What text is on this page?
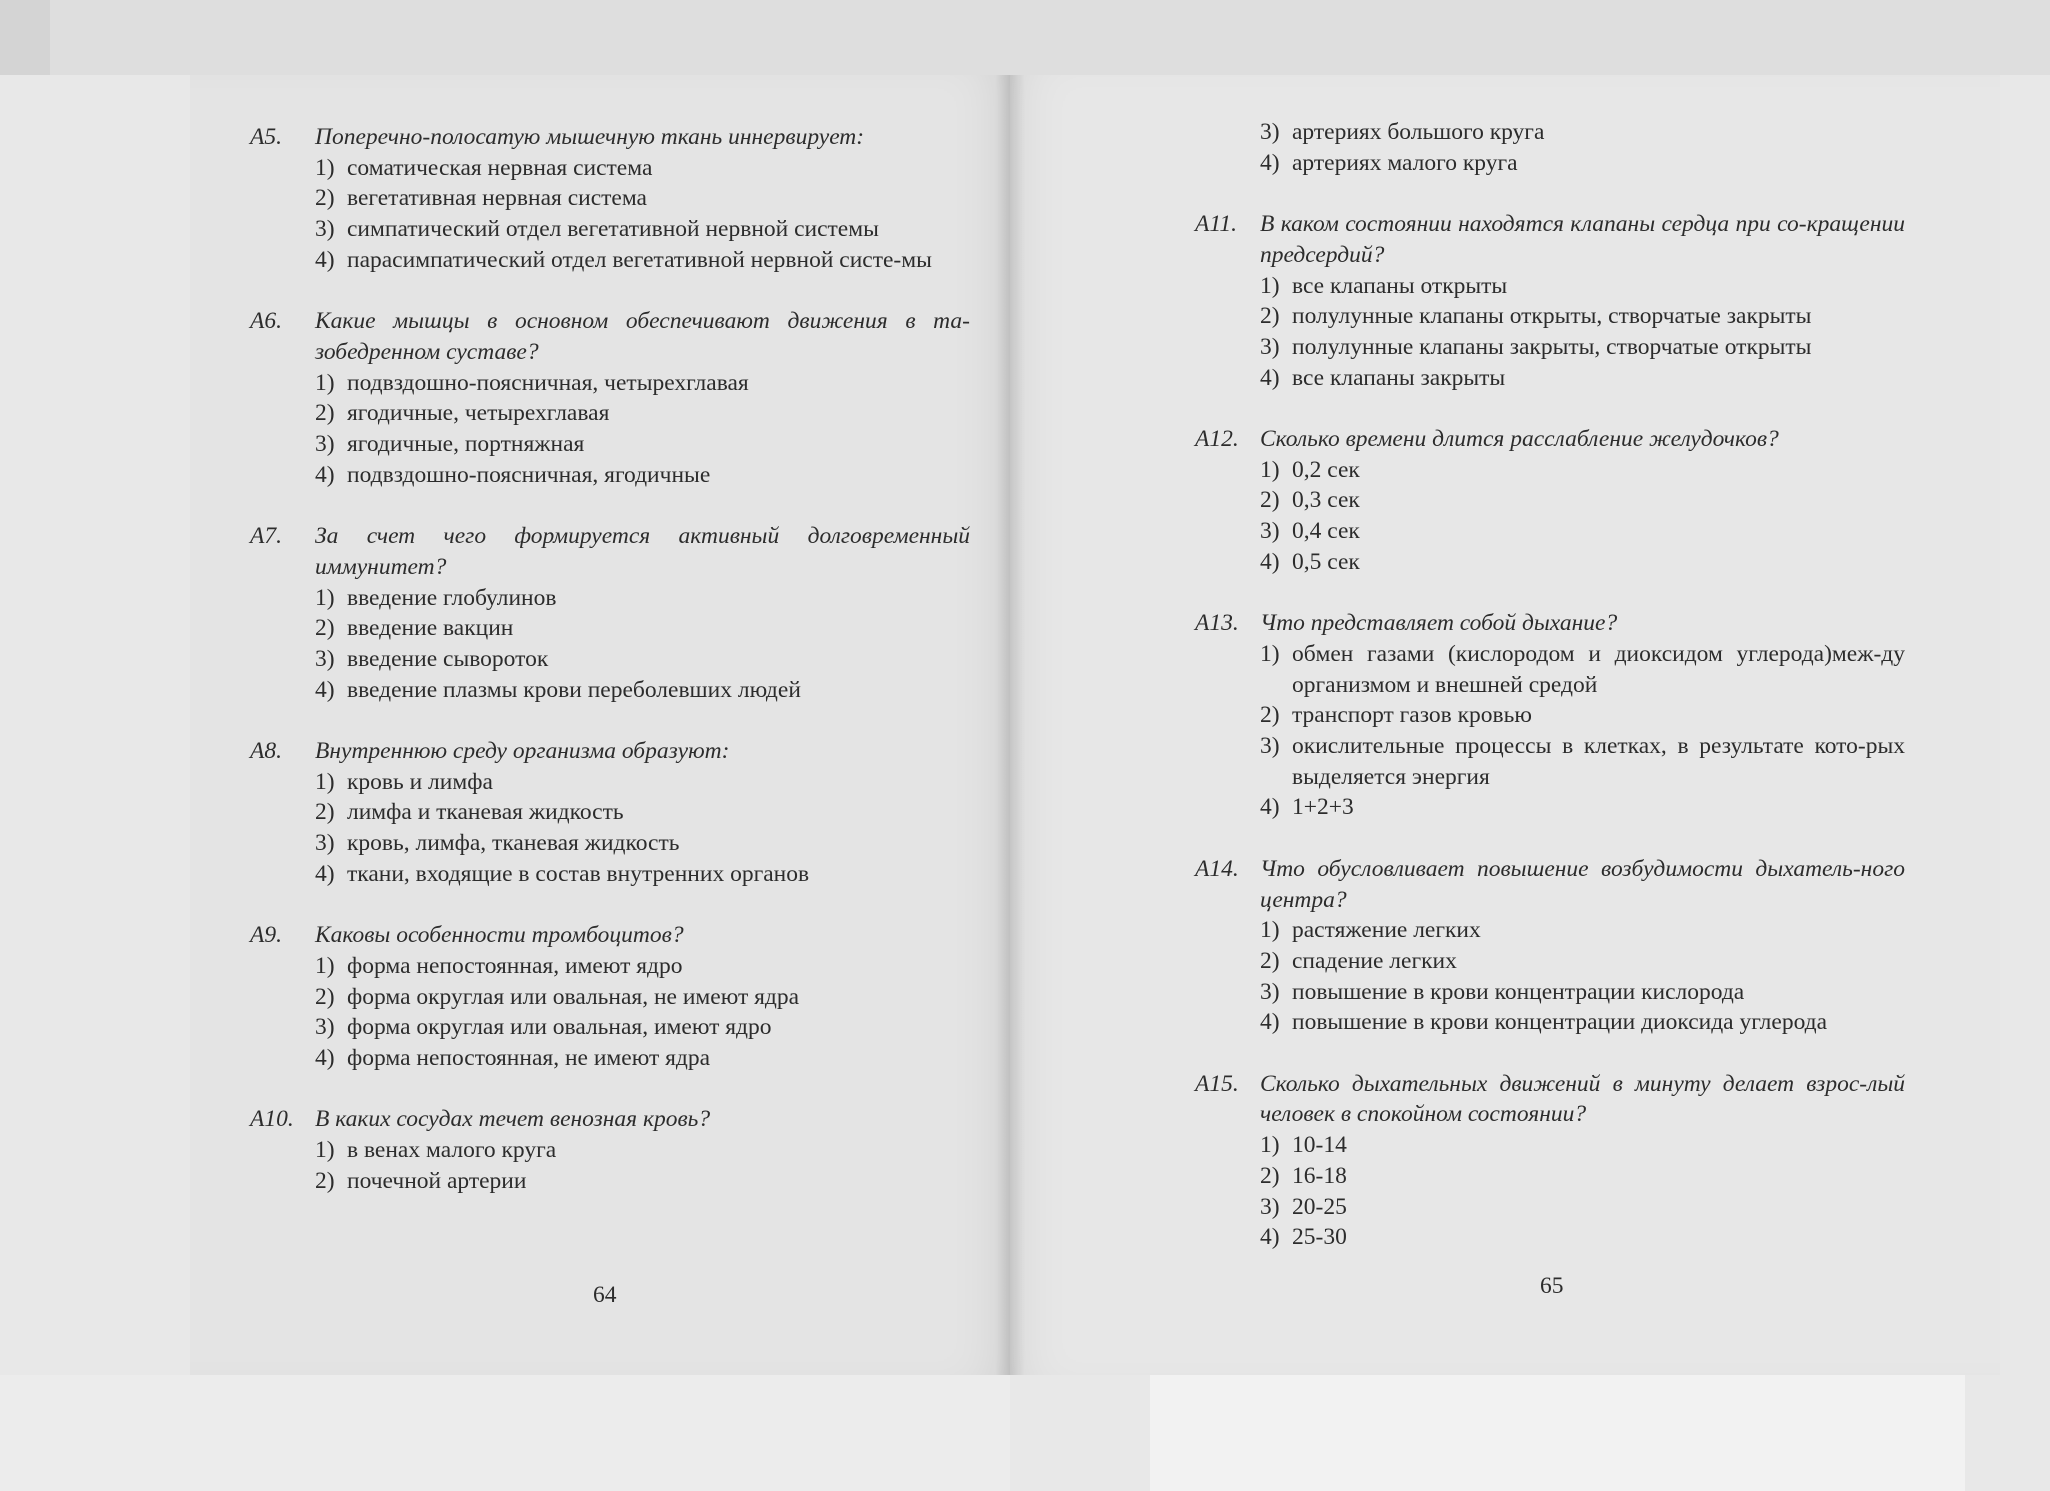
А5.	Поперечно-полосатую мышечную ткань иннервирует:
1) соматическая нервная система
2) вегетативная нервная система
3) симпатический отдел вегетативной нервной системы
4) парасимпатический отдел вегетативной нервной систе-мы
А6.	Какие мышцы в основном обеспечивают движения в та-зобедренном суставе?
1) подвздошно-поясничная, четырехглавая
2) ягодичные, четырехглавая
3) ягодичные, портняжная
4) подвздошно-поясничная, ягодичные
А7.	За счет чего формируется активный долговременный иммунитет?
1) введение глобулинов
2) введение вакцин
3) введение сывороток
4) введение плазмы крови переболевших людей
А8.	Внутреннюю среду организма образуют:
1) кровь и лимфа
2) лимфа и тканевая жидкость
3) кровь, лимфа, тканевая жидкость
4) ткани, входящие в состав внутренних органов
А9.	Каковы особенности тромбоцитов?
1) форма непостоянная, имеют ядро
2) форма округлая или овальная, не имеют ядра
3) форма округлая или овальная, имеют ядро
4) форма непостоянная, не имеют ядра
А10. В каких сосудах течет венозная кровь?
1) в венах малого круга
2) почечной артерии
64
3) артериях большого круга
4) артериях малого круга
А11. В каком состоянии находятся клапаны сердца при со-кращении предсердий?
1) все клапаны открыты
2) полулунные клапаны открыты, створчатые закрыты
3) полулунные клапаны закрыты, створчатые открыты
4) все клапаны закрыты
А12. Сколько времени длится расслабление желудочков?
1) 0,2 сек
2) 0,3 сек
3) 0,4 сек
4) 0,5 сек
А13. Что представляет собой дыхание?
1) обмен газами (кислородом и диоксидом углерода)меж-ду организмом и внешней средой
2) транспорт газов кровью
3) окислительные процессы в клетках, в результате кото-рых выделяется энергия
4) 1+2+3
А14. Что обусловливает повышение возбудимости дыхатель-ного центра?
1) растяжение легких
2) спадение легких
3) повышение в крови концентрации кислорода
4) повышение в крови концентрации диоксида углерода
А15. Сколько дыхательных движений в минуту делает взрос-лый человек в спокойном состоянии?
1) 10-14
2) 16-18
3) 20-25
4) 25-30
65
